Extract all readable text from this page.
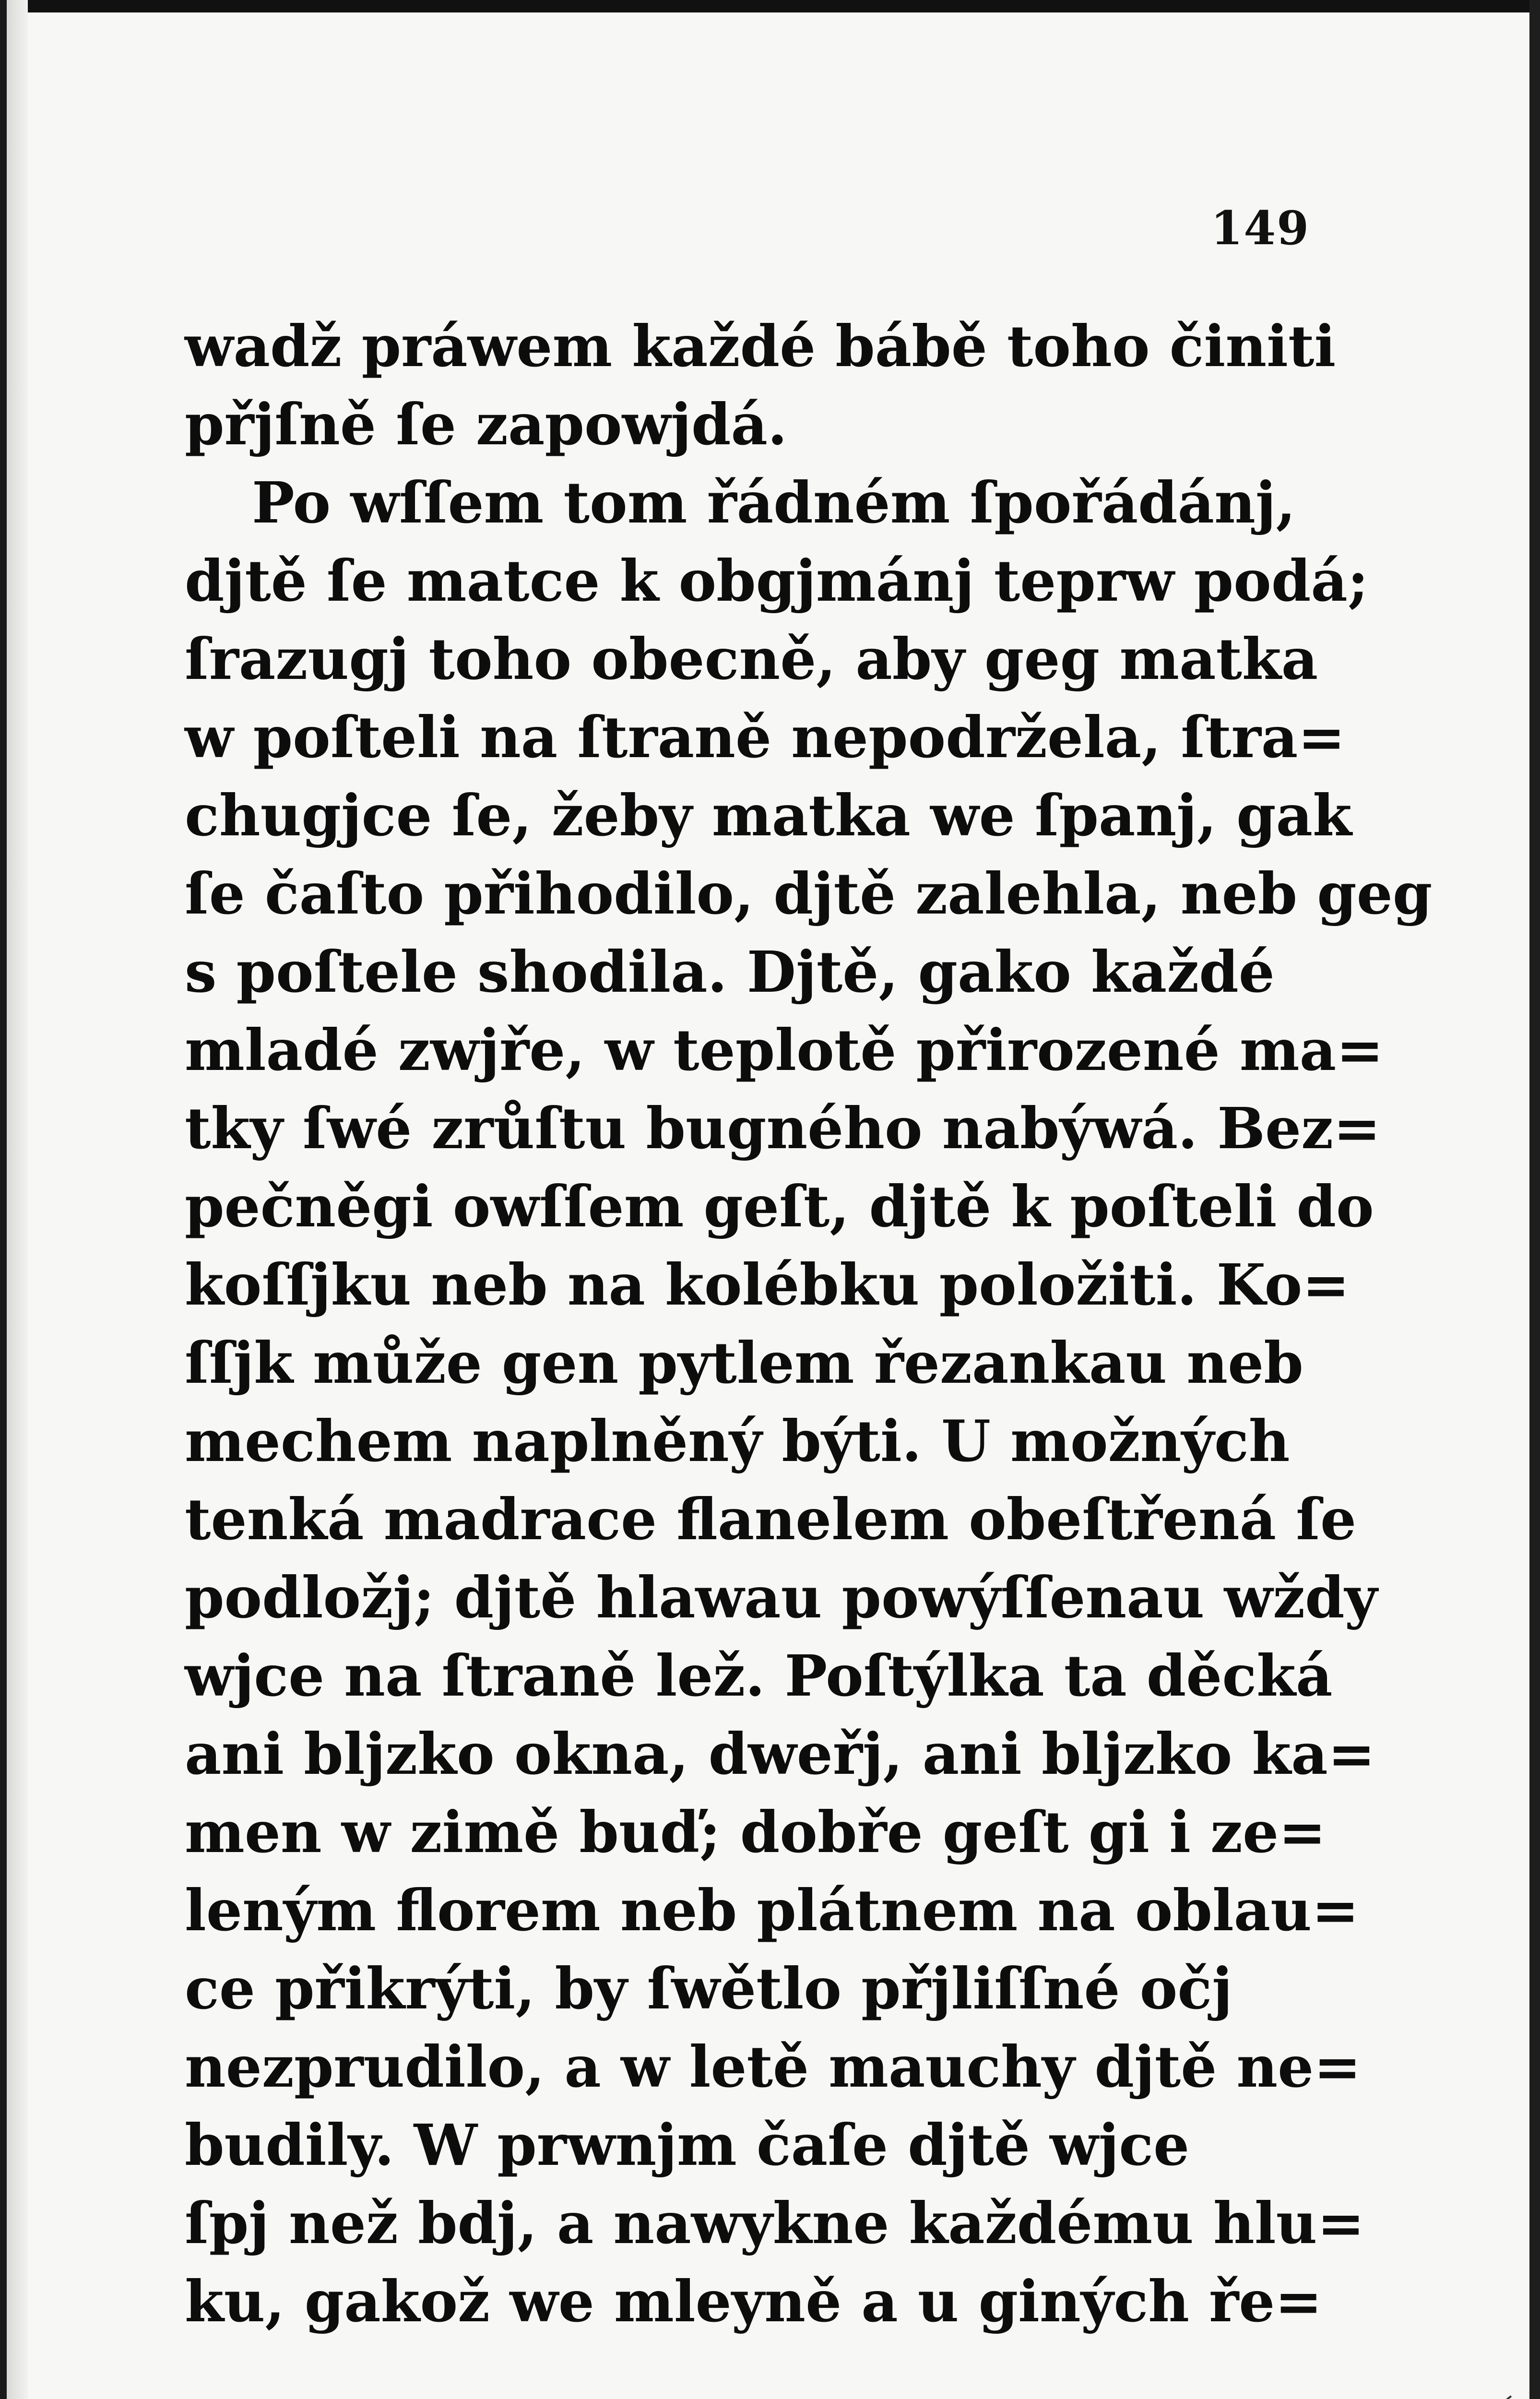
149
wadž práwem každé bábě toho činiti
přjſně ſe zapowjdá.
Po wſſem tom řádném ſpořádánj,
djtě ſe matce k obgjmánj teprw podá;
ſrazugj toho obecně, aby geg matka
w poſteli na ſtraně nepodržela, ſtra=
chugjce ſe, žeby matka we ſpanj, gak
ſe čaſto přihodilo, djtě zalehla, neb geg
s poſtele shodila. Djtě, gako každé
mladé zwjře, w teplotě přirozené ma=
tky ſwé zrůſtu bugného nabýwá. Bez=
pečněgi owſſem geſt, djtě k poſteli do
koſſjku neb na kolébku položiti. Ko=
ſſjk může gen pytlem řezankau neb
mechem naplněný býti. U možných
tenká madrace flanelem obeſtřená ſe
podložj; djtě hlawau powýſſenau wždy
wjce na ſtraně lež. Poſtýlka ta děcká
ani blјzko okna, dweřj, ani blјzko ka=
men w zimě buď; dobře geſt gi i ze=
leným florem neb plátnem na oblau=
ce přikrýti, by ſwětlo přjliſſné očj
nezprudilo, a w letě mauchy djtě ne=
budily. W prwnjm čaſe djtě wjce
ſpj než bdj, a nawykne každému hlu=
ku, gakož we mleyně a u giných ře=
